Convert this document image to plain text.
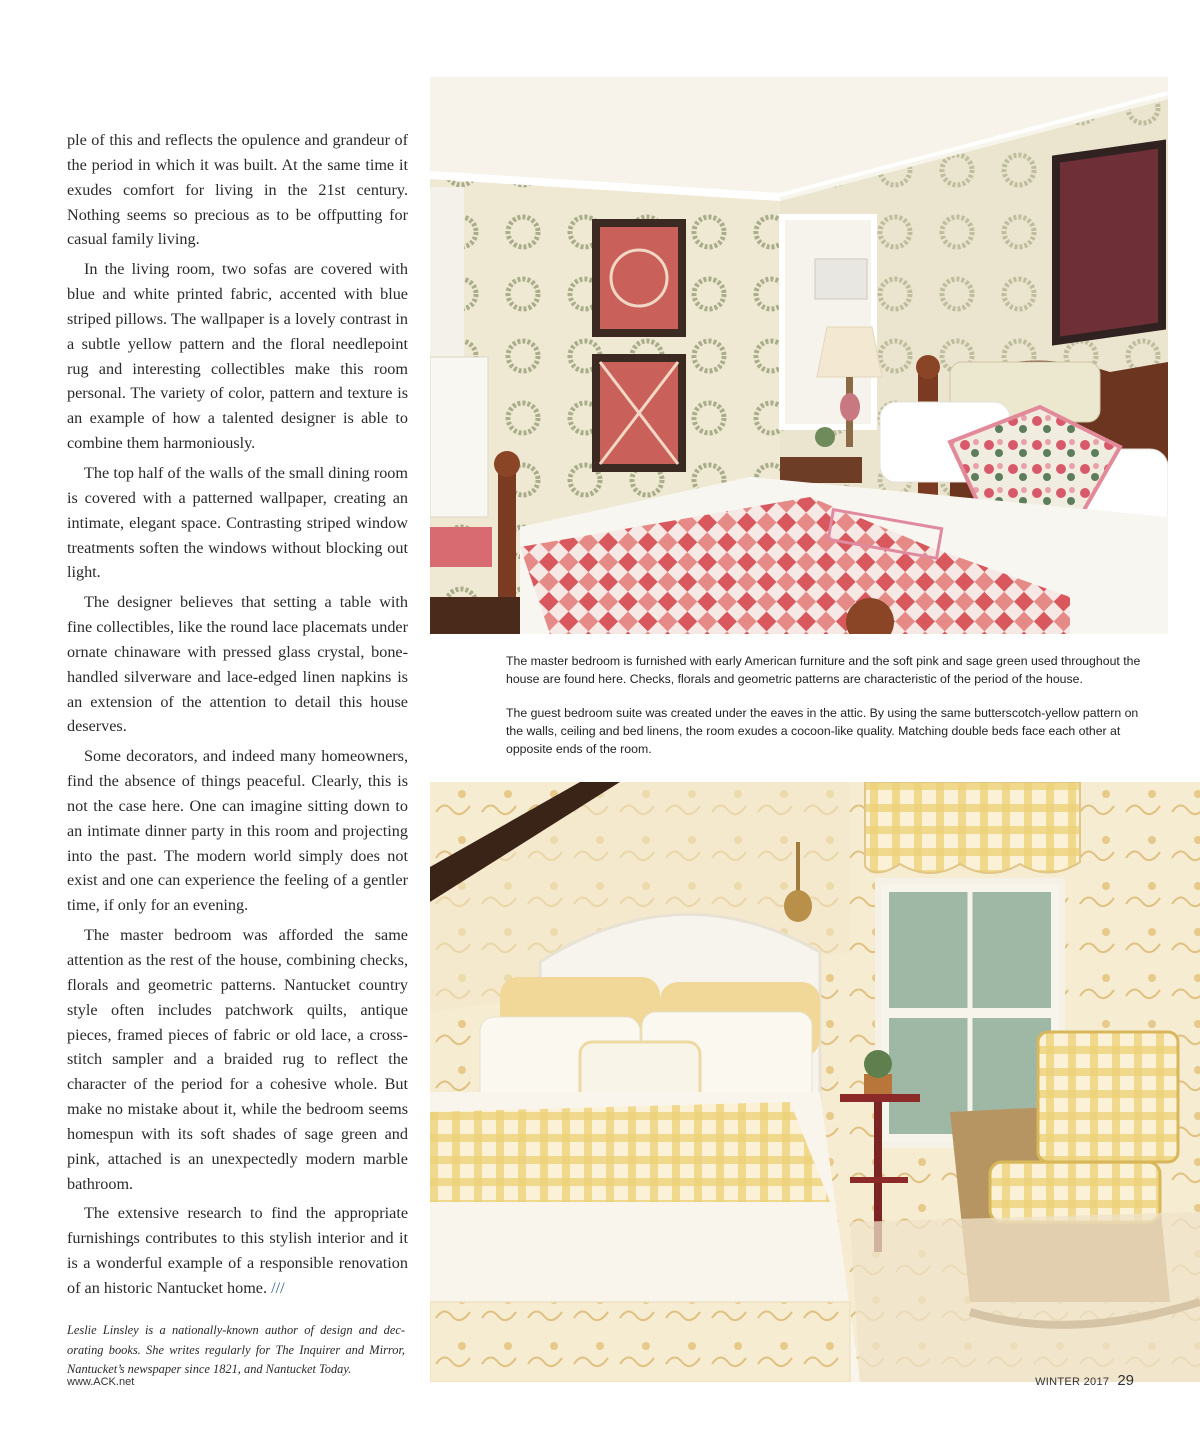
ple of this and reflects the opulence and grandeur of the period in which it was built. At the same time it exudes comfort for living in the 21st century. Nothing seems so precious as to be offputting for casual family living.

In the living room, two sofas are covered with blue and white printed fabric, accented with blue striped pillows. The wallpaper is a lovely contrast in a subtle yellow pattern and the floral needlepoint rug and interesting collectibles make this room personal. The variety of color, pattern and texture is an example of how a talented designer is able to combine them harmoniously.

The top half of the walls of the small dining room is covered with a patterned wallpaper, creating an intimate, elegant space. Contrasting striped window treatments soften the windows without blocking out light.

The designer believes that setting a table with fine collectibles, like the round lace placemats under ornate chinaware with pressed glass crystal, bone-handled silverware and lace-edged linen napkins is an extension of the attention to detail this house deserves.

Some decorators, and indeed many homeowners, find the absence of things peaceful. Clearly, this is not the case here. One can imagine sitting down to an intimate dinner party in this room and projecting into the past. The modern world simply does not exist and one can experience the feeling of a gentler time, if only for an evening.

The master bedroom was afforded the same attention as the rest of the house, combining checks, florals and geometric patterns. Nantucket country style often includes patchwork quilts, antique pieces, framed pieces of fabric or old lace, a cross-stitch sampler and a braided rug to reflect the character of the period for a cohesive whole. But make no mistake about it, while the bedroom seems homespun with its soft shades of sage green and pink, attached is an unexpectedly modern marble bathroom.

The extensive research to find the appropriate furnishings contributes to this stylish interior and it is a wonderful example of a responsible renovation of an historic Nantucket home. ///

Leslie Linsley is a nationally-known author of design and decorating books. She writes regularly for The Inquirer and Mirror, Nantucket’s newspaper since 1821, and Nantucket Today.

The master bedroom is furnished with early American furniture and the soft pink and sage green used throughout the house are found here. Checks, florals and geometric patterns are characteristic of the period of the house.

The guest bedroom suite was created under the eaves in the attic. By using the same butterscotch-yellow pattern on the walls, ceiling and bed linens, the room exudes a cocoon-like quality. Matching double beds face each other at opposite ends of the room.

www.ACK.net	WINTER 2017 29
